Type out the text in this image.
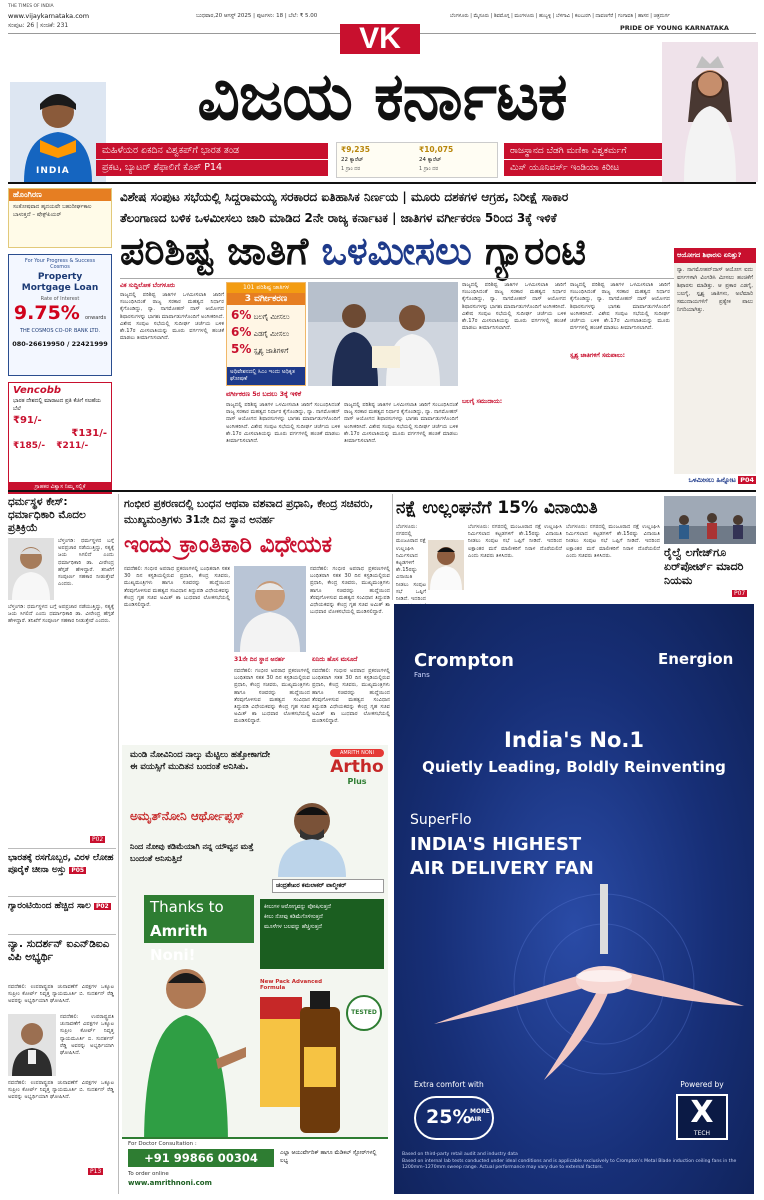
THE TIMES OF INDIA
www.vijaykarnataka.com
ಸಂಪುಟ: 26 | ಸಂಚಿಕೆ: 231
ಬುಧವಾರ,20 ಆಗಸ್ಟ್ 2025 | ಪುಟಗಳು: 18 | ಬೆಲೆ: ₹ 5.00	ಬೆಂಗಳೂರು | ಮೈಸೂರು | ಶಿವಮೊಗ್ಗ | ಮಂಗಳೂರು | ಹುಬ್ಬಳ್ಳಿ | ಬೆಳಗಾವಿ | ಕಲಬುರಗಿ | ದಾವಣಗೆರೆ | ಗಂಗಾವತಿ | ಹಾಸನ | ಚಿತ್ರದುರ್ಗ
PRIDE OF YOUNG KARNATAKA
VK
INDIA
ವಿಜಯ ಕರ್ನಾಟಕ
ಮಹಿಳೆಯರ ಏಕದಿನ ವಿಶ್ವಕಪ್‌ಗೆ ಭಾರತ ತಂಡ
ಪ್ರಕಟ, ಬ್ಯಾಟರ್ ಶೆಫಾಲಿಗೆ ಕೊಕ್ P14
₹9,235
22 ಕ್ಯಾರೆಟ್
1 ಗ್ರಾಂ ದರ
₹10,075
24 ಕ್ಯಾರೆಟ್
1 ಗ್ರಾಂ ದರ
ರಾಜಸ್ಥಾನದ ಬೆಡಗಿ ಮಣಿಕಾ ವಿಶ್ವಕರ್ಮಗೆ
ಮಿಸ್ ಯೂನಿವರ್ಸ್ ಇಂಡಿಯಾ ಕಿರೀಟ
ಹೊಂಗಿರಣ
ಸಂತೋಷವಾದ ಹೃದಯವೇ ಬಹುದೀರ್ಘಕಾಲ ಬಾಳುತ್ತದೆ – ಷೇಕ್ಸ್‌ಪಿಯರ್
For Your Progress & Success
Cosmos
Property Mortgage Loan
Rate of Interest
9.75% onwards
THE COSMOS CO-OP. BANK LTD.
080-26619950 / 22421999
Vencobb
ಭಾರತ ದೇಶದಲ್ಲಿ ಮಾರಾಟದ ಪ್ರತಿ ಕೆಜಿಗೆ ಸಲಹೆಯ ಬೆಲೆ
₹91/-
₹131/-
₹185/- ₹211/-
ಗ್ರಾಹಕರ ವಿಶ್ವಾಸ ನಿಮ್ಮ ಸಲ್ಲಿಕೆ
ವಿಶೇಷ ಸಂಪುಟ ಸಭೆಯಲ್ಲಿ ಸಿದ್ದರಾಮಯ್ಯ ಸರಕಾರದ ಐತಿಹಾಸಿಕ ನಿರ್ಣಯ | ಮೂರು ದಶಕಗಳ ಆಗ್ರಹ, ನಿರೀಕ್ಷೆ ಸಾಕಾರ
ತೆಲಂಗಾಣದ ಬಳಿಕ ಒಳಮೀಸಲು ಜಾರಿ ಮಾಡಿದ 2ನೇ ರಾಜ್ಯ ಕರ್ನಾಟಕ | ಜಾತಿಗಳ ವರ್ಗೀಕರಣ 5ರಿಂದ 3ಕ್ಕೆ ಇಳಿಕೆ
ಪರಿಶಿಷ್ಟ ಜಾತಿಗೆ ಒಳಮೀಸಲು ಗ್ಯಾರಂಟಿ
ವಿಕ ಸುದ್ದಿಲೋಕ ಬೆಂಗಳೂರು
ರಾಜ್ಯದಲ್ಲಿ ಪರಿಶಿಷ್ಟ ಜಾತಿಗಳ ಒಳಮೀಸಲಾತಿ ಜಾರಿಗೆ ಸಂಬಂಧಿಸಿದಂತೆ ರಾಜ್ಯ ಸರಕಾರ ಮಹತ್ವದ ನಿರ್ಧಾರ ಕೈಗೊಂಡಿದ್ದು, ನ್ಯಾ. ನಾಗಮೋಹನ್ ದಾಸ್ ಆಯೋಗದ ಶಿಫಾರಸುಗಳನ್ನು ಭಾಗಶಃ ಮಾರ್ಪಾಡುಗಳೊಂದಿಗೆ ಅಂಗೀಕರಿಸಿದೆ. ವಿಶೇಷ ಸಂಪುಟ ಸಭೆಯಲ್ಲಿ ಸುದೀರ್ಘ ಚರ್ಚೆಯ ಬಳಿಕ ಶೇ.17ರ ಮೀಸಲಾತಿಯನ್ನು ಮೂರು ವರ್ಗಗಳಲ್ಲಿ ಹಂಚಿಕೆ ಮಾಡಲು ತೀರ್ಮಾನಿಸಲಾಗಿದೆ.
101 ಪರಿಶಿಷ್ಟ ಜಾತಿಗಳ
3 ವರ್ಗೀಕರಣ
6% ಬಲಗೈ ಮೀಸಲು
6% ಎಡಗೈ ಮೀಸಲು
5% ಸ್ಪೃಶ್ಯ ಜಾತಿಗಳಿಗೆ
ಅಧಿವೇಶನದಲ್ಲಿ ಸಿಎಂ ಇಂದು ಅಧಿಕೃತ ಘೋಷಣೆ
ವರ್ಗೀಕರಣ 5ರ ಬದಲು 3ಕ್ಕೆ ಇಳಿಕೆ
ರಾಜ್ಯದಲ್ಲಿ ಪರಿಶಿಷ್ಟ ಜಾತಿಗಳ ಒಳಮೀಸಲಾತಿ ಜಾರಿಗೆ ಸಂಬಂಧಿಸಿದಂತೆ ರಾಜ್ಯ ಸರಕಾರ ಮಹತ್ವದ ನಿರ್ಧಾರ ಕೈಗೊಂಡಿದ್ದು, ನ್ಯಾ. ನಾಗಮೋಹನ್ ದಾಸ್ ಆಯೋಗದ ಶಿಫಾರಸುಗಳನ್ನು ಭಾಗಶಃ ಮಾರ್ಪಾಡುಗಳೊಂದಿಗೆ ಅಂಗೀಕರಿಸಿದೆ. ವಿಶೇಷ ಸಂಪುಟ ಸಭೆಯಲ್ಲಿ ಸುದೀರ್ಘ ಚರ್ಚೆಯ ಬಳಿಕ ಶೇ.17ರ ಮೀಸಲಾತಿಯನ್ನು ಮೂರು ವರ್ಗಗಳಲ್ಲಿ ಹಂಚಿಕೆ ಮಾಡಲು ತೀರ್ಮಾನಿಸಲಾಗಿದೆ.
ರಾಜ್ಯದಲ್ಲಿ ಪರಿಶಿಷ್ಟ ಜಾತಿಗಳ ಒಳಮೀಸಲಾತಿ ಜಾರಿಗೆ ಸಂಬಂಧಿಸಿದಂತೆ ರಾಜ್ಯ ಸರಕಾರ ಮಹತ್ವದ ನಿರ್ಧಾರ ಕೈಗೊಂಡಿದ್ದು, ನ್ಯಾ. ನಾಗಮೋಹನ್ ದಾಸ್ ಆಯೋಗದ ಶಿಫಾರಸುಗಳನ್ನು ಭಾಗಶಃ ಮಾರ್ಪಾಡುಗಳೊಂದಿಗೆ ಅಂಗೀಕರಿಸಿದೆ. ವಿಶೇಷ ಸಂಪುಟ ಸಭೆಯಲ್ಲಿ ಸುದೀರ್ಘ ಚರ್ಚೆಯ ಬಳಿಕ ಶೇ.17ರ ಮೀಸಲಾತಿಯನ್ನು ಮೂರು ವರ್ಗಗಳಲ್ಲಿ ಹಂಚಿಕೆ ಮಾಡಲು ತೀರ್ಮಾನಿಸಲಾಗಿದೆ.
ರಾಜ್ಯದಲ್ಲಿ ಪರಿಶಿಷ್ಟ ಜಾತಿಗಳ ಒಳಮೀಸಲಾತಿ ಜಾರಿಗೆ ಸಂಬಂಧಿಸಿದಂತೆ ರಾಜ್ಯ ಸರಕಾರ ಮಹತ್ವದ ನಿರ್ಧಾರ ಕೈಗೊಂಡಿದ್ದು, ನ್ಯಾ. ನಾಗಮೋಹನ್ ದಾಸ್ ಆಯೋಗದ ಶಿಫಾರಸುಗಳನ್ನು ಭಾಗಶಃ ಮಾರ್ಪಾಡುಗಳೊಂದಿಗೆ ಅಂಗೀಕರಿಸಿದೆ. ವಿಶೇಷ ಸಂಪುಟ ಸಭೆಯಲ್ಲಿ ಸುದೀರ್ಘ ಚರ್ಚೆಯ ಬಳಿಕ ಶೇ.17ರ ಮೀಸಲಾತಿಯನ್ನು ಮೂರು ವರ್ಗಗಳಲ್ಲಿ ಹಂಚಿಕೆ ಮಾಡಲು ತೀರ್ಮಾನಿಸಲಾಗಿದೆ.
ಬಲಗೈ ಸಮುದಾಯ:
ರಾಜ್ಯದಲ್ಲಿ ಪರಿಶಿಷ್ಟ ಜಾತಿಗಳ ಒಳಮೀಸಲಾತಿ ಜಾರಿಗೆ ಸಂಬಂಧಿಸಿದಂತೆ ರಾಜ್ಯ ಸರಕಾರ ಮಹತ್ವದ ನಿರ್ಧಾರ ಕೈಗೊಂಡಿದ್ದು, ನ್ಯಾ. ನಾಗಮೋಹನ್ ದಾಸ್ ಆಯೋಗದ ಶಿಫಾರಸುಗಳನ್ನು ಭಾಗಶಃ ಮಾರ್ಪಾಡುಗಳೊಂದಿಗೆ ಅಂಗೀಕರಿಸಿದೆ. ವಿಶೇಷ ಸಂಪುಟ ಸಭೆಯಲ್ಲಿ ಸುದೀರ್ಘ ಚರ್ಚೆಯ ಬಳಿಕ ಶೇ.17ರ ಮೀಸಲಾತಿಯನ್ನು ಮೂರು ವರ್ಗಗಳಲ್ಲಿ ಹಂಚಿಕೆ ಮಾಡಲು ತೀರ್ಮಾನಿಸಲಾಗಿದೆ.
ಸ್ಪೃಶ್ಯ ಜಾತಿಗಳಿಗೆ ಸಮಪಾಲು:
ಆಯೋಗದ ಶಿಫಾರಸು ಏನಿತ್ತು?
ನ್ಯಾ. ನಾಗಮೋಹನ್‌ದಾಸ್ ಆಯೋಗ ಐದು ವರ್ಗಗಳಾಗಿ ವಿಂಗಡಿಸಿ ಮೀಸಲು ಹಂಚಿಕೆಗೆ ಶಿಫಾರಸು ಮಾಡಿತ್ತು. ಆ ಪ್ರಕಾರ ಎಡಗೈ, ಬಲಗೈ, ಸ್ಪೃಶ್ಯ ಜಾತಿಗಳು, ಅಲೆಮಾರಿ ಸಮುದಾಯಗಳಿಗೆ ಪ್ರತ್ಯೇಕ ಪಾಲು ನಿಗದಿಯಾಗಿತ್ತು.
ಒಳಮೀಸಲು ಹಿನ್ನೋಟ P04
ಧರ್ಮಸ್ಥಳ ಕೇಸ್: ಧರ್ಮಾಧಿಕಾರಿ ಮೊದಲ ಪ್ರತಿಕ್ರಿಯೆ
ಬೆಳ್ತಂಗಡಿ: ಧರ್ಮಸ್ಥಳದ ಬಗ್ಗೆ ಅಪಪ್ರಚಾರ ನಡೆಯುತ್ತಿದ್ದು, ಸತ್ಯಕ್ಕೆ ಜಯ ಸಿಗಲಿದೆ ಎಂದು ಧರ್ಮಾಧಿಕಾರಿ ಡಾ. ವೀರೇಂದ್ರ ಹೆಗ್ಗಡೆ ಹೇಳಿದ್ದಾರೆ. ತನಿಖೆಗೆ ಸಂಪೂರ್ಣ ಸಹಕಾರ ನೀಡುತ್ತೇವೆ ಎಂದರು.
ಬೆಳ್ತಂಗಡಿ: ಧರ್ಮಸ್ಥಳದ ಬಗ್ಗೆ ಅಪಪ್ರಚಾರ ನಡೆಯುತ್ತಿದ್ದು, ಸತ್ಯಕ್ಕೆ ಜಯ ಸಿಗಲಿದೆ ಎಂದು ಧರ್ಮಾಧಿಕಾರಿ ಡಾ. ವೀರೇಂದ್ರ ಹೆಗ್ಗಡೆ ಹೇಳಿದ್ದಾರೆ. ತನಿಖೆಗೆ ಸಂಪೂರ್ಣ ಸಹಕಾರ ನೀಡುತ್ತೇವೆ ಎಂದರು.
P02
ಭಾರತಕ್ಕೆ ರಸಗೊಬ್ಬರ, ವಿರಳ ಲೋಹ ಪೂರೈಕೆ ಚೀನಾ ಅಸ್ತು P05
ಗ್ಯಾರಂಟಿಯಿಂದ ಹೆಚ್ಚಿದ ಸಾಲ P02
ನ್ಯಾ. ಸುದರ್ಶನ್ ಐಎನ್‌ಡಿಐಎ ವಿಪಿ ಅಭ್ಯರ್ಥಿ
ನವದೆಹಲಿ: ಉಪರಾಷ್ಟ್ರಪತಿ ಚುನಾವಣೆಗೆ ವಿಪಕ್ಷಗಳ ಒಕ್ಕೂಟ ಸುಪ್ರೀಂ ಕೋರ್ಟ್ ನಿವೃತ್ತ ನ್ಯಾಯಮೂರ್ತಿ ಬಿ. ಸುದರ್ಶನ್ ರೆಡ್ಡಿ ಅವರನ್ನು ಅಭ್ಯರ್ಥಿಯಾಗಿ ಘೋಷಿಸಿದೆ.
ನವದೆಹಲಿ: ಉಪರಾಷ್ಟ್ರಪತಿ ಚುನಾವಣೆಗೆ ವಿಪಕ್ಷಗಳ ಒಕ್ಕೂಟ ಸುಪ್ರೀಂ ಕೋರ್ಟ್ ನಿವೃತ್ತ ನ್ಯಾಯಮೂರ್ತಿ ಬಿ. ಸುದರ್ಶನ್ ರೆಡ್ಡಿ ಅವರನ್ನು ಅಭ್ಯರ್ಥಿಯಾಗಿ ಘೋಷಿಸಿದೆ.
ನವದೆಹಲಿ: ಉಪರಾಷ್ಟ್ರಪತಿ ಚುನಾವಣೆಗೆ ವಿಪಕ್ಷಗಳ ಒಕ್ಕೂಟ ಸುಪ್ರೀಂ ಕೋರ್ಟ್ ನಿವೃತ್ತ ನ್ಯಾಯಮೂರ್ತಿ ಬಿ. ಸುದರ್ಶನ್ ರೆಡ್ಡಿ ಅವರನ್ನು ಅಭ್ಯರ್ಥಿಯಾಗಿ ಘೋಷಿಸಿದೆ.
P13
ಗಂಭೀರ ಪ್ರಕರಣದಲ್ಲಿ ಬಂಧನ ಆಥವಾ ವಶವಾದ ಪ್ರಧಾನಿ, ಕೇಂದ್ರ ಸಚಿವರು, ಮುಖ್ಯಮಂತ್ರಿಗಳು 31ನೇ ದಿನ ಸ್ಥಾನ ಅನರ್ಹ
ಇಂದು ಕ್ರಾಂತಿಕಾರಿ ವಿಧೇಯಕ
ನವದೆಹಲಿ: ಗಂಭೀರ ಅಪರಾಧ ಪ್ರಕರಣಗಳಲ್ಲಿ ಬಂಧಿತರಾಗಿ ಸತತ 30 ದಿನ ಕಸ್ಟಡಿಯಲ್ಲಿರುವ ಪ್ರಧಾನಿ, ಕೇಂದ್ರ ಸಚಿವರು, ಮುಖ್ಯಮಂತ್ರಿಗಳು ಹಾಗೂ ಸಚಿವರನ್ನು ಹುದ್ದೆಯಿಂದ ತೆರವುಗೊಳಿಸುವ ಮಹತ್ವದ ಸಂವಿಧಾನ ತಿದ್ದುಪಡಿ ವಿಧೇಯಕವನ್ನು ಕೇಂದ್ರ ಗೃಹ ಸಚಿವ ಅಮಿತ್ ಶಾ ಬುಧವಾರ ಲೋಕಸಭೆಯಲ್ಲಿ ಮಂಡಿಸಲಿದ್ದಾರೆ.
ನವದೆಹಲಿ: ಗಂಭೀರ ಅಪರಾಧ ಪ್ರಕರಣಗಳಲ್ಲಿ ಬಂಧಿತರಾಗಿ ಸತತ 30 ದಿನ ಕಸ್ಟಡಿಯಲ್ಲಿರುವ ಪ್ರಧಾನಿ, ಕೇಂದ್ರ ಸಚಿವರು, ಮುಖ್ಯಮಂತ್ರಿಗಳು ಹಾಗೂ ಸಚಿವರನ್ನು ಹುದ್ದೆಯಿಂದ ತೆರವುಗೊಳಿಸುವ ಮಹತ್ವದ ಸಂವಿಧಾನ ತಿದ್ದುಪಡಿ ವಿಧೇಯಕವನ್ನು ಕೇಂದ್ರ ಗೃಹ ಸಚಿವ ಅಮಿತ್ ಶಾ ಬುಧವಾರ ಲೋಕಸಭೆಯಲ್ಲಿ ಮಂಡಿಸಲಿದ್ದಾರೆ.
31ನೇ ದಿನ ಸ್ಥಾನ ಅನರ್ಹ
ನವದೆಹಲಿ: ಗಂಭೀರ ಅಪರಾಧ ಪ್ರಕರಣಗಳಲ್ಲಿ ಬಂಧಿತರಾಗಿ ಸತತ 30 ದಿನ ಕಸ್ಟಡಿಯಲ್ಲಿರುವ ಪ್ರಧಾನಿ, ಕೇಂದ್ರ ಸಚಿವರು, ಮುಖ್ಯಮಂತ್ರಿಗಳು ಹಾಗೂ ಸಚಿವರನ್ನು ಹುದ್ದೆಯಿಂದ ತೆರವುಗೊಳಿಸುವ ಮಹತ್ವದ ಸಂವಿಧಾನ ತಿದ್ದುಪಡಿ ವಿಧೇಯಕವನ್ನು ಕೇಂದ್ರ ಗೃಹ ಸಚಿವ ಅಮಿತ್ ಶಾ ಬುಧವಾರ ಲೋಕಸಭೆಯಲ್ಲಿ ಮಂಡಿಸಲಿದ್ದಾರೆ.
ಏನಿದು ಹೊಸ ಮಸೂದೆ
ನವದೆಹಲಿ: ಗಂಭೀರ ಅಪರಾಧ ಪ್ರಕರಣಗಳಲ್ಲಿ ಬಂಧಿತರಾಗಿ ಸತತ 30 ದಿನ ಕಸ್ಟಡಿಯಲ್ಲಿರುವ ಪ್ರಧಾನಿ, ಕೇಂದ್ರ ಸಚಿವರು, ಮುಖ್ಯಮಂತ್ರಿಗಳು ಹಾಗೂ ಸಚಿವರನ್ನು ಹುದ್ದೆಯಿಂದ ತೆರವುಗೊಳಿಸುವ ಮಹತ್ವದ ಸಂವಿಧಾನ ತಿದ್ದುಪಡಿ ವಿಧೇಯಕವನ್ನು ಕೇಂದ್ರ ಗೃಹ ಸಚಿವ ಅಮಿತ್ ಶಾ ಬುಧವಾರ ಲೋಕಸಭೆಯಲ್ಲಿ ಮಂಡಿಸಲಿದ್ದಾರೆ.
ನಕ್ಷೆ ಉಲ್ಲಂಘನೆಗೆ 15% ವಿನಾಯಿತಿ
ಬೆಂಗಳೂರು: ನಗರದಲ್ಲಿ ಮಂಜೂರಾದ ನಕ್ಷೆ ಉಲ್ಲಂಘಿಸಿ ನಿರ್ಮಿಸಲಾದ ಕಟ್ಟಡಗಳಿಗೆ ಶೇ.15ರಷ್ಟು ವಿನಾಯಿತಿ ನೀಡಲು ಸಂಪುಟ ಸಭೆ ಒಪ್ಪಿಗೆ ನೀಡಿದೆ. ಇದರಿಂದ
ಬೆಂಗಳೂರು: ನಗರದಲ್ಲಿ ಮಂಜೂರಾದ ನಕ್ಷೆ ಉಲ್ಲಂಘಿಸಿ ನಿರ್ಮಿಸಲಾದ ಕಟ್ಟಡಗಳಿಗೆ ಶೇ.15ರಷ್ಟು ವಿನಾಯಿತಿ ನೀಡಲು ಸಂಪುಟ ಸಭೆ ಒಪ್ಪಿಗೆ ನೀಡಿದೆ. ಇದರಿಂದ ಲಕ್ಷಾಂತರ ಮನೆ ಮಾಲೀಕರಿಗೆ ನಿರಾಳ ದೊರೆಯಲಿದೆ ಎಂದು ಸಚಿವರು ತಿಳಿಸಿದರು.
ಬೆಂಗಳೂರು: ನಗರದಲ್ಲಿ ಮಂಜೂರಾದ ನಕ್ಷೆ ಉಲ್ಲಂಘಿಸಿ ನಿರ್ಮಿಸಲಾದ ಕಟ್ಟಡಗಳಿಗೆ ಶೇ.15ರಷ್ಟು ವಿನಾಯಿತಿ ನೀಡಲು ಸಂಪುಟ ಸಭೆ ಒಪ್ಪಿಗೆ ನೀಡಿದೆ. ಇದರಿಂದ ಲಕ್ಷಾಂತರ ಮನೆ ಮಾಲೀಕರಿಗೆ ನಿರಾಳ ದೊರೆಯಲಿದೆ ಎಂದು ಸಚಿವರು ತಿಳಿಸಿದರು.	ರೈಲ್ವೆ ಲಗೇಜ್‌ಗೂ ಏರ್‌ಪೋರ್ಟ್ ಮಾದರಿ ನಿಯಮ
P07
ಮಂಡಿ ನೋವಿನಿಂದ ನಾಲ್ಕು ಮೆಟ್ಟಿಲು ಹತ್ತೋಕಾಗದೇ ಈ ವಯಸ್ಸಿಗೆ ಮುದಿತನ ಬಂದಂತೆ ಅನಿಸಿತು.
AMRITH NONI
Artho
Plus
ಅಮೃತ್‌ನೋನಿ ಆರ್ಥೋಪ್ಲಸ್
ನಿಂದ ನೋವು ಕಡಿಮೆಯಾಗಿ ನನ್ನ ಯೌವ್ವನ ಮತ್ತೆ ಬಂದಂತೆ ಅನಿಸುತ್ತಿದೆ
ಚಂದ್ರಶೇಖರ ಕಮಲಾಕರ್ ವಾಲ್ಮೀಕರ್
Thanks to
Amrith Noni!
ಕೀಲುಗಳ ಆರೋಗ್ಯವನ್ನು ಪೋಷಿಸುತ್ತದೆ
ಕೀಲು ನೋವು ಕಡಿಮೆಗೊಳಿಸುತ್ತದೆ
ಮೂಳೆಗಳ ಬಲವನ್ನು ಹೆಚ್ಚಿಸುತ್ತದೆ
New Pack Advanced Formula
TESTED
For Doctor Consultation :
+91 99866 00304
To order online
www.amrithnoni.com
ಎಲ್ಲಾ ಆಯುರ್ವೇದಿಕ್ ಹಾಗೂ ಮೆಡಿಕಲ್ ಸ್ಟೋರ್‌ಗಳಲ್ಲಿ ಲಭ್ಯ
Crompton
Fans
Energion
India's No.1
Quietly Leading, Boldly Reinventing
SuperFlo
INDIA'S HIGHEST
AIR DELIVERY FAN
Extra comfort with
25%
MORE AIR
Powered by
X
TECH
Based on third-party retail audit and industry data
Based on internal lab tests conducted under ideal conditions and is applicable exclusively to Crompton's Metal Blade induction ceiling fans in the 1200mm–1270mm sweep range. Actual performance may vary due to external factors.
